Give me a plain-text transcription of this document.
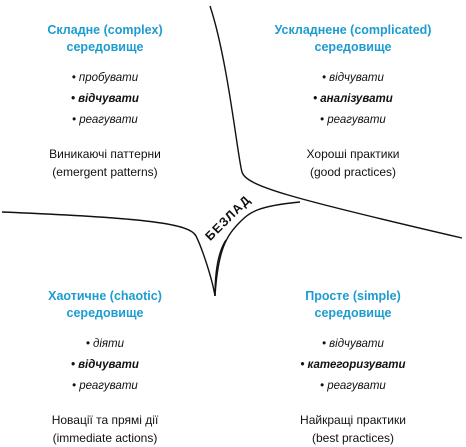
Складне (complex)
середовище
• пробувати
• відчувати
• реагувати
Виникаючі паттерни
(emergent patterns)
Ускладнене (complicated)
середовище
• відчувати
• аналізувати
• реагувати
Хороші практики
(good practices)
Хаотичне (chaotic)
середовище
• діяти
• відчувати
• реагувати
Новації та прямі дії
(immediate actions)
Просте (simple)
середовище
• відчувати
• категоризувати
• реагувати
Найкращі практики
(best practices)
БЕЗЛАД
